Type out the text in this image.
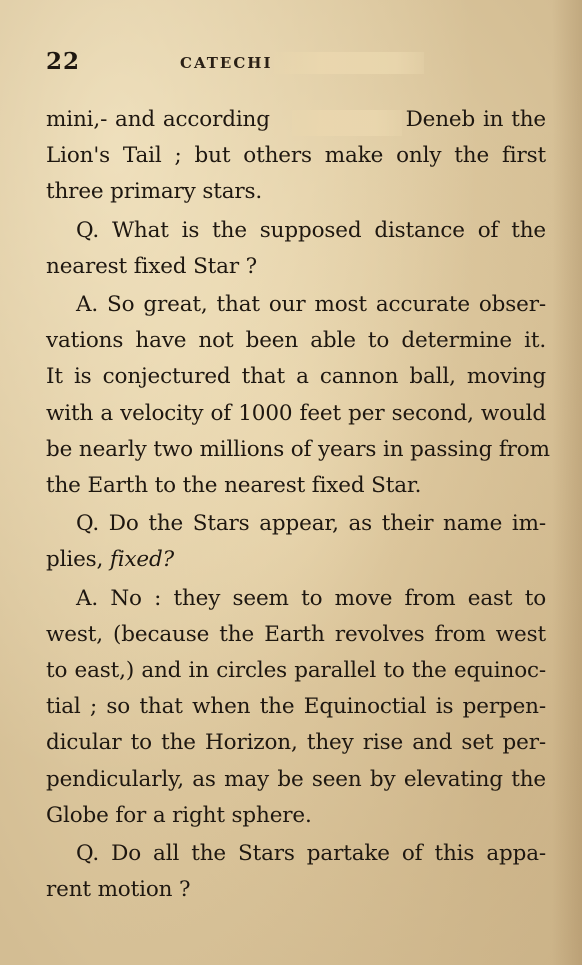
22	CATECHI
mini,- and according	Deneb in the
Lion's Tail ; but others make only the first
three primary stars.
Q. What is the supposed distance of the
nearest fixed Star ?
A. So great, that our most accurate obser-
vations have not been able to determine it.
It is conjectured that a cannon ball, moving
with a velocity of 1000 feet per second, would
be nearly two millions of years in passing from
the Earth to the nearest fixed Star.
Q. Do the Stars appear, as their name im-
plies, fixed?
A. No : they seem to move from east to
west, (because the Earth revolves from west
to east,) and in circles parallel to the equinoc-
tial ; so that when the Equinoctial is perpen-
dicular to the Horizon, they rise and set per-
pendicularly, as may be seen by elevating the
Globe for a right sphere.
Q. Do all the Stars partake of this appa-
rent motion ?
